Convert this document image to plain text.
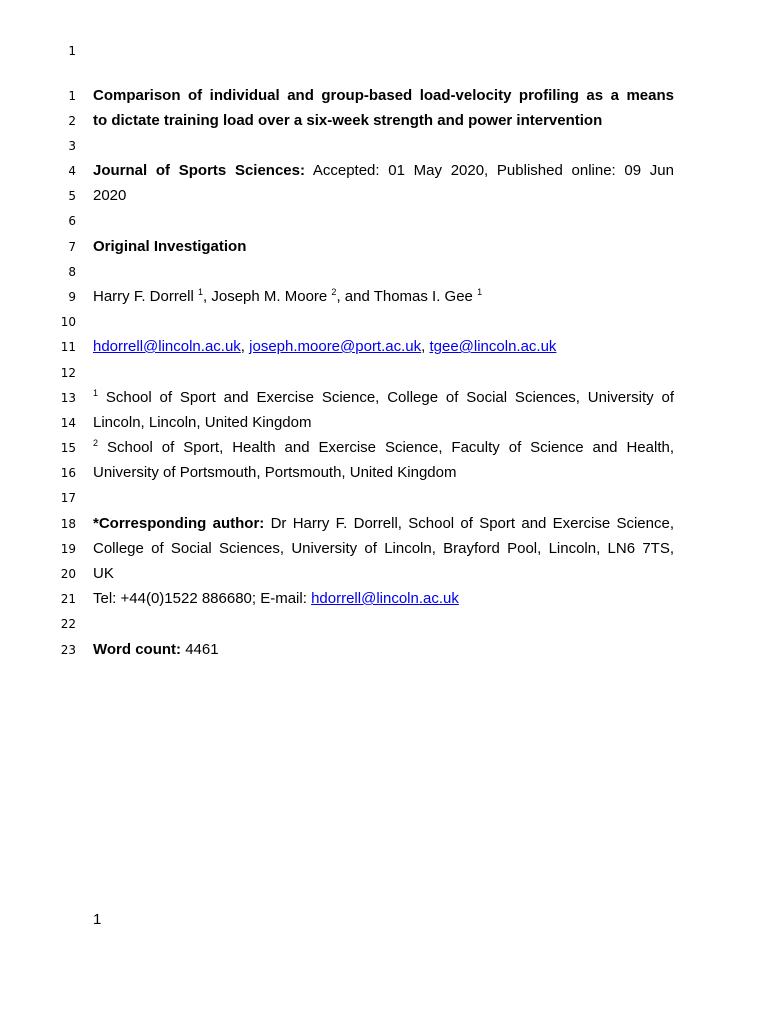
1
1
2
3
4
5
6
7
8
9
10
11
12
13
14
15
16
17
18
19
20
21
22
23
Comparison of individual and group-based load-velocity profiling as a means
to dictate training load over a six-week strength and power intervention
Journal of Sports Sciences: Accepted: 01 May 2020, Published online: 09 Jun
2020
Original Investigation
Harry F. Dorrell $^1$, Joseph M. Moore $^2$, and Thomas I. Gee $^1$
hdorrell@lincoln.ac.uk, joseph.moore@port.ac.uk, tgee@lincoln.ac.uk
$^1$ School of Sport and Exercise Science, College of Social Sciences, University of
Lincoln, Lincoln, United Kingdom
$^2$ School of Sport, Health and Exercise Science, Faculty of Science and Health,
University of Portsmouth, Portsmouth, United Kingdom
*Corresponding author: Dr Harry F. Dorrell, School of Sport and Exercise Science,
College of Social Sciences, University of Lincoln, Brayford Pool, Lincoln, LN6 7TS,
UK
Tel: +44(0)1522 886680; E-mail: hdorrell@lincoln.ac.uk
Word count: 4461
1
